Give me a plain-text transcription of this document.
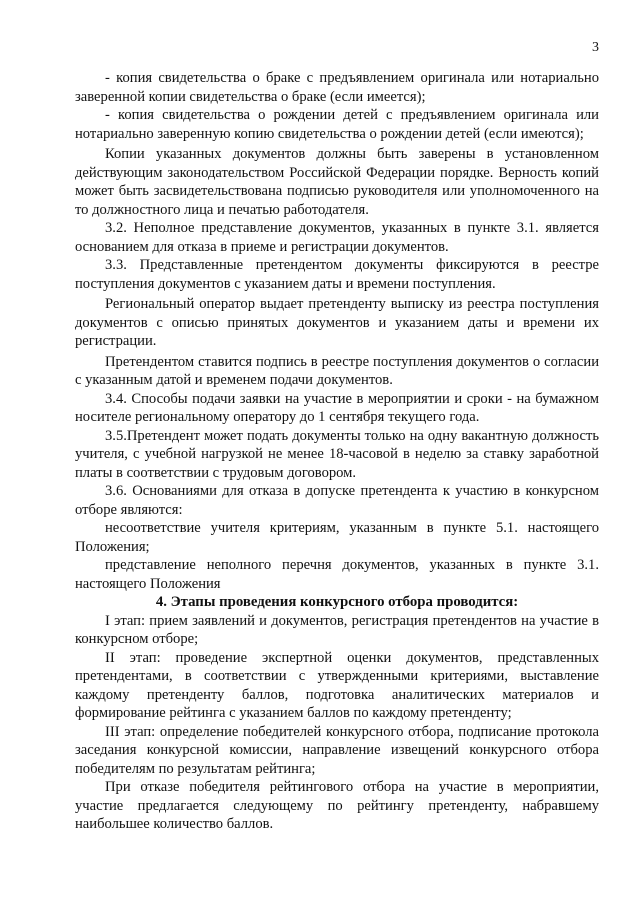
3

- копия свидетельства о браке с предъявлением оригинала или нотариально заверенной копии свидетельства о браке (если имеется);

- копия свидетельства о рождении детей с предъявлением оригинала или нотариально заверенную копию свидетельства о рождении детей (если имеются);

Копии указанных документов должны быть заверены в установленном действующим законодательством Российской Федерации порядке. Верность копий может быть засвидетельствована подписью руководителя или уполномоченного на то должностного лица и печатью работодателя.

3.2. Неполное представление документов, указанных в пункте 3.1. является основанием для отказа в приеме и регистрации документов.

3.3. Представленные претендентом документы фиксируются в реестре поступления документов с указанием даты и времени поступления.

Региональный оператор выдает претенденту выписку из реестра поступления документов с описью принятых документов и указанием даты и времени их регистрации.

Претендентом ставится подпись в реестре поступления документов о согласии с указанным датой и временем подачи документов.

3.4. Способы подачи заявки на участие в мероприятии и сроки - на бумажном носителе региональному оператору до 1 сентября текущего года.

3.5.Претендент может подать документы только на одну вакантную должность учителя, с учебной нагрузкой не менее 18-часовой в неделю за ставку заработной платы в соответствии с трудовым договором.

3.6. Основаниями для отказа в допуске претендента к участию в конкурсном отборе являются:

несоответствие учителя критериям, указанным в пункте 5.1. настоящего Положения;

представление неполного перечня документов, указанных в пункте 3.1. настоящего Положения

4. Этапы проведения конкурсного отбора проводится:

I этап: прием заявлений и документов, регистрация претендентов на участие в конкурсном отборе;

II этап: проведение экспертной оценки документов, представленных претендентами, в соответствии с утвержденными критериями, выставление каждому претенденту баллов, подготовка аналитических материалов и формирование рейтинга с указанием баллов по каждому претенденту;

III этап: определение победителей конкурсного отбора, подписание протокола заседания конкурсной комиссии, направление извещений конкурсного отбора победителям по результатам рейтинга;

При отказе победителя рейтингового отбора на участие в мероприятии, участие предлагается следующему по рейтингу претенденту, набравшему наибольшее количество баллов.
